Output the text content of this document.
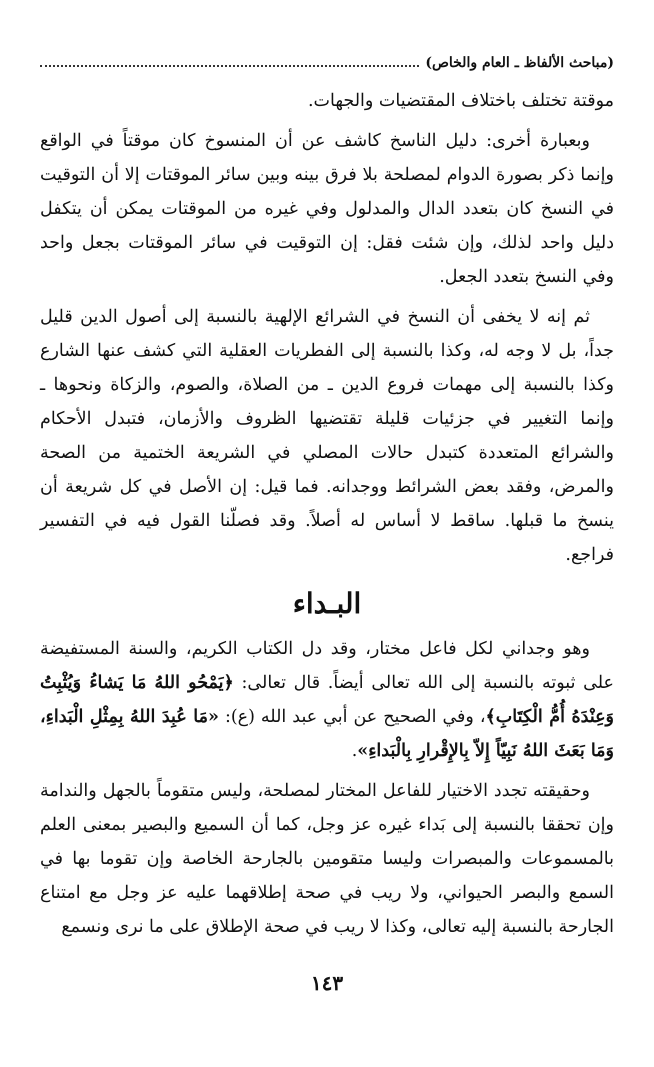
(مباحث الألفاظ ـ العام والخاص)

موقتة تختلف باختلاف المقتضيات والجهات.

وبعبارة أخرى: دليل الناسخ كاشف عن أن المنسوخ كان موقتاً في الواقع وإنما ذكر بصورة الدوام لمصلحة بلا فرق بينه وبين سائر الموقتات إلا أن التوقيت في النسخ كان بتعدد الدال والمدلول وفي غيره من الموقتات يمكن أن يتكفل دليل واحد لذلك، وإن شئت فقل: إن التوقيت في سائر الموقتات بجعل واحد وفي النسخ بتعدد الجعل.

ثم إنه لا يخفى أن النسخ في الشرائع الإلهية بالنسبة إلى أصول الدين قليل جداً، بل لا وجه له، وكذا بالنسبة إلى الفطريات العقلية التي كشف عنها الشارع وكذا بالنسبة إلى مهمات فروع الدين ـ من الصلاة، والصوم، والزكاة ونحوها ـ وإنما التغيير في جزئيات قليلة تقتضيها الظروف والأزمان، فتبدل الأحكام والشرائع المتعددة كتبدل حالات المصلي في الشريعة الختمية من الصحة والمرض، وفقد بعض الشرائط ووجدانه. فما قيل: إن الأصل في كل شريعة أن ينسخ ما قبلها. ساقط لا أساس له أصلاً. وقد فصلّنا القول فيه في التفسير فراجع.

البـداء

وهو وجداني لكل فاعل مختار، وقد دل الكتاب الكريم، والسنة المستفيضة على ثبوته بالنسبة إلى الله تعالى أيضاً. قال تعالى: ﴿يَمْحُو اللهُ مَا يَشاءُ وَيُثْبِتُ وَعِنْدَهُ أُمُّ الْكِتَابِ﴾، وفي الصحيح عن أبي عبد الله (ع): «مَا عُبِدَ اللهُ بِمِثْلِ الْبَداءِ، وَمَا بَعَثَ اللهُ نَبِيّاً إِلاّ بِالإِقْرارِ بِالْبَداءِ».

وحقيقته تجدد الاختيار للفاعل المختار لمصلحة، وليس متقوماً بالجهل والندامة وإن تحققا بالنسبة إلى بَداء غيره عز وجل، كما أن السميع والبصير بمعنى العلم بالمسموعات والمبصرات وليسا متقومين بالجارحة الخاصة وإن تقوما بها في السمع والبصر الحيواني، ولا ريب في صحة إطلاقهما عليه عز وجل مع امتناع الجارحة بالنسبة إليه تعالى، وكذا لا ريب في صحة الإطلاق على ما نرى ونسمع

١٤٣
